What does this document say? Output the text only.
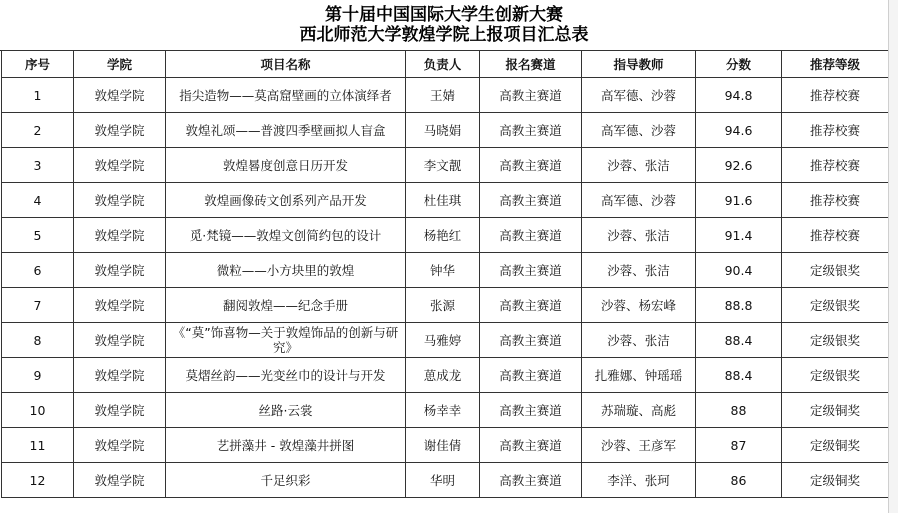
第十届中国国际大学生创新大赛
西北师范大学敦煌学院上报项目汇总表
序号	学院	项目名称	负责人	报名赛道	指导教师	分数	推荐等级
1	敦煌学院	指尖造物——莫高窟壁画的立体演绎者	王婧	高教主赛道	高军德、沙蓉	94.8	推荐校赛
2	敦煌学院	敦煌礼颂——普渡四季壁画拟人盲盒	马晓娟	高教主赛道	高军德、沙蓉	94.6	推荐校赛
3	敦煌学院	敦煌晷度创意日历开发	李文靓	高教主赛道	沙蓉、张洁	92.6	推荐校赛
4	敦煌学院	敦煌画像砖文创系列产品开发	杜佳琪	高教主赛道	高军德、沙蓉	91.6	推荐校赛
5	敦煌学院	觅·梵镜——敦煌文创简约包的设计	杨艳红	高教主赛道	沙蓉、张洁	91.4	推荐校赛
6	敦煌学院	微粒——小方块里的敦煌	钟华	高教主赛道	沙蓉、张洁	90.4	定级银奖
7	敦煌学院	翻阅敦煌——纪念手册	张源	高教主赛道	沙蓉、杨宏峰	88.8	定级银奖
8	敦煌学院	《“莫”饰喜物—关于敦煌饰品的创新与研究》	马雅婷	高教主赛道	沙蓉、张洁	88.4	定级银奖
9	敦煌学院	莫熠丝韵——光变丝巾的设计与开发	葸成龙	高教主赛道	扎雅娜、钟瑶瑶	88.4	定级银奖
10	敦煌学院	丝路·云裳	杨幸幸	高教主赛道	苏瑞璇、高彪	88	定级铜奖
11	敦煌学院	艺拼藻井 - 敦煌藻井拼图	谢佳倩	高教主赛道	沙蓉、王彦军	87	定级铜奖
12	敦煌学院	千足织彩	华明	高教主赛道	李洋、张珂	86	定级铜奖
